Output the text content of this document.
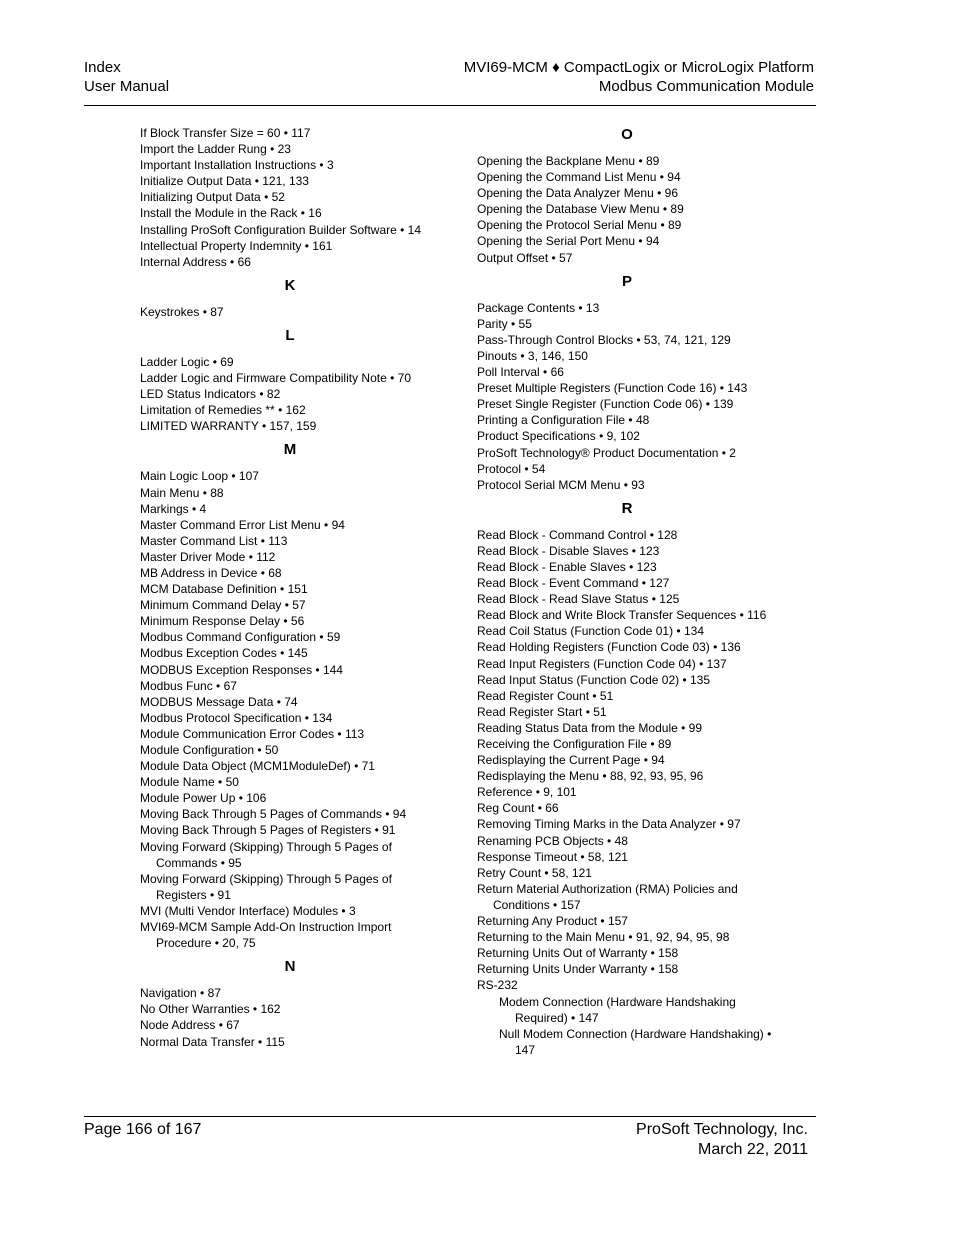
Index
User Manual
MVI69-MCM ♦ CompactLogix or MicroLogix Platform
Modbus Communication Module
If Block Transfer Size = 60 • 117
Import the Ladder Rung • 23
Important Installation Instructions • 3
Initialize Output Data • 121, 133
Initializing Output Data • 52
Install the Module in the Rack • 16
Installing ProSoft Configuration Builder Software • 14
Intellectual Property Indemnity • 161
Internal Address • 66
K
Keystrokes • 87
L
Ladder Logic • 69
Ladder Logic and Firmware Compatibility Note • 70
LED Status Indicators • 82
Limitation of Remedies ** • 162
LIMITED WARRANTY • 157, 159
M
Main Logic Loop • 107
Main Menu • 88
Markings • 4
Master Command Error List Menu • 94
Master Command List • 113
Master Driver Mode • 112
MB Address in Device • 68
MCM Database Definition • 151
Minimum Command Delay • 57
Minimum Response Delay • 56
Modbus Command Configuration • 59
Modbus Exception Codes • 145
MODBUS Exception Responses • 144
Modbus Func • 67
MODBUS Message Data • 74
Modbus Protocol Specification • 134
Module Communication Error Codes • 113
Module Configuration • 50
Module Data Object (MCM1ModuleDef) • 71
Module Name • 50
Module Power Up • 106
Moving Back Through 5 Pages of Commands • 94
Moving Back Through 5 Pages of Registers • 91
Moving Forward (Skipping) Through 5 Pages of Commands • 95
Moving Forward (Skipping) Through 5 Pages of Registers • 91
MVI (Multi Vendor Interface) Modules • 3
MVI69-MCM Sample Add-On Instruction Import Procedure • 20, 75
N
Navigation • 87
No Other Warranties • 162
Node Address • 67
Normal Data Transfer • 115
O
Opening the Backplane Menu • 89
Opening the Command List Menu • 94
Opening the Data Analyzer Menu • 96
Opening the Database View Menu • 89
Opening the Protocol Serial Menu • 89
Opening the Serial Port Menu • 94
Output Offset • 57
P
Package Contents • 13
Parity • 55
Pass-Through Control Blocks • 53, 74, 121, 129
Pinouts • 3, 146, 150
Poll Interval • 66
Preset Multiple Registers (Function Code 16) • 143
Preset Single Register (Function Code 06) • 139
Printing a Configuration File • 48
Product Specifications • 9, 102
ProSoft Technology® Product Documentation • 2
Protocol • 54
Protocol Serial MCM Menu • 93
R
Read Block - Command Control • 128
Read Block - Disable Slaves • 123
Read Block - Enable Slaves • 123
Read Block - Event Command • 127
Read Block - Read Slave Status • 125
Read Block and Write Block Transfer Sequences • 116
Read Coil Status (Function Code 01) • 134
Read Holding Registers (Function Code 03) • 136
Read Input Registers (Function Code 04) • 137
Read Input Status (Function Code 02) • 135
Read Register Count • 51
Read Register Start • 51
Reading Status Data from the Module • 99
Receiving the Configuration File • 89
Redisplaying the Current Page • 94
Redisplaying the Menu • 88, 92, 93, 95, 96
Reference • 9, 101
Reg Count • 66
Removing Timing Marks in the Data Analyzer • 97
Renaming PCB Objects • 48
Response Timeout • 58, 121
Retry Count • 58, 121
Return Material Authorization (RMA) Policies and Conditions • 157
Returning Any Product • 157
Returning to the Main Menu • 91, 92, 94, 95, 98
Returning Units Out of Warranty • 158
Returning Units Under Warranty • 158
RS-232
Modem Connection (Hardware Handshaking Required) • 147
Null Modem Connection (Hardware Handshaking) • 147
Page 166 of 167	ProSoft Technology, Inc.
March 22, 2011
